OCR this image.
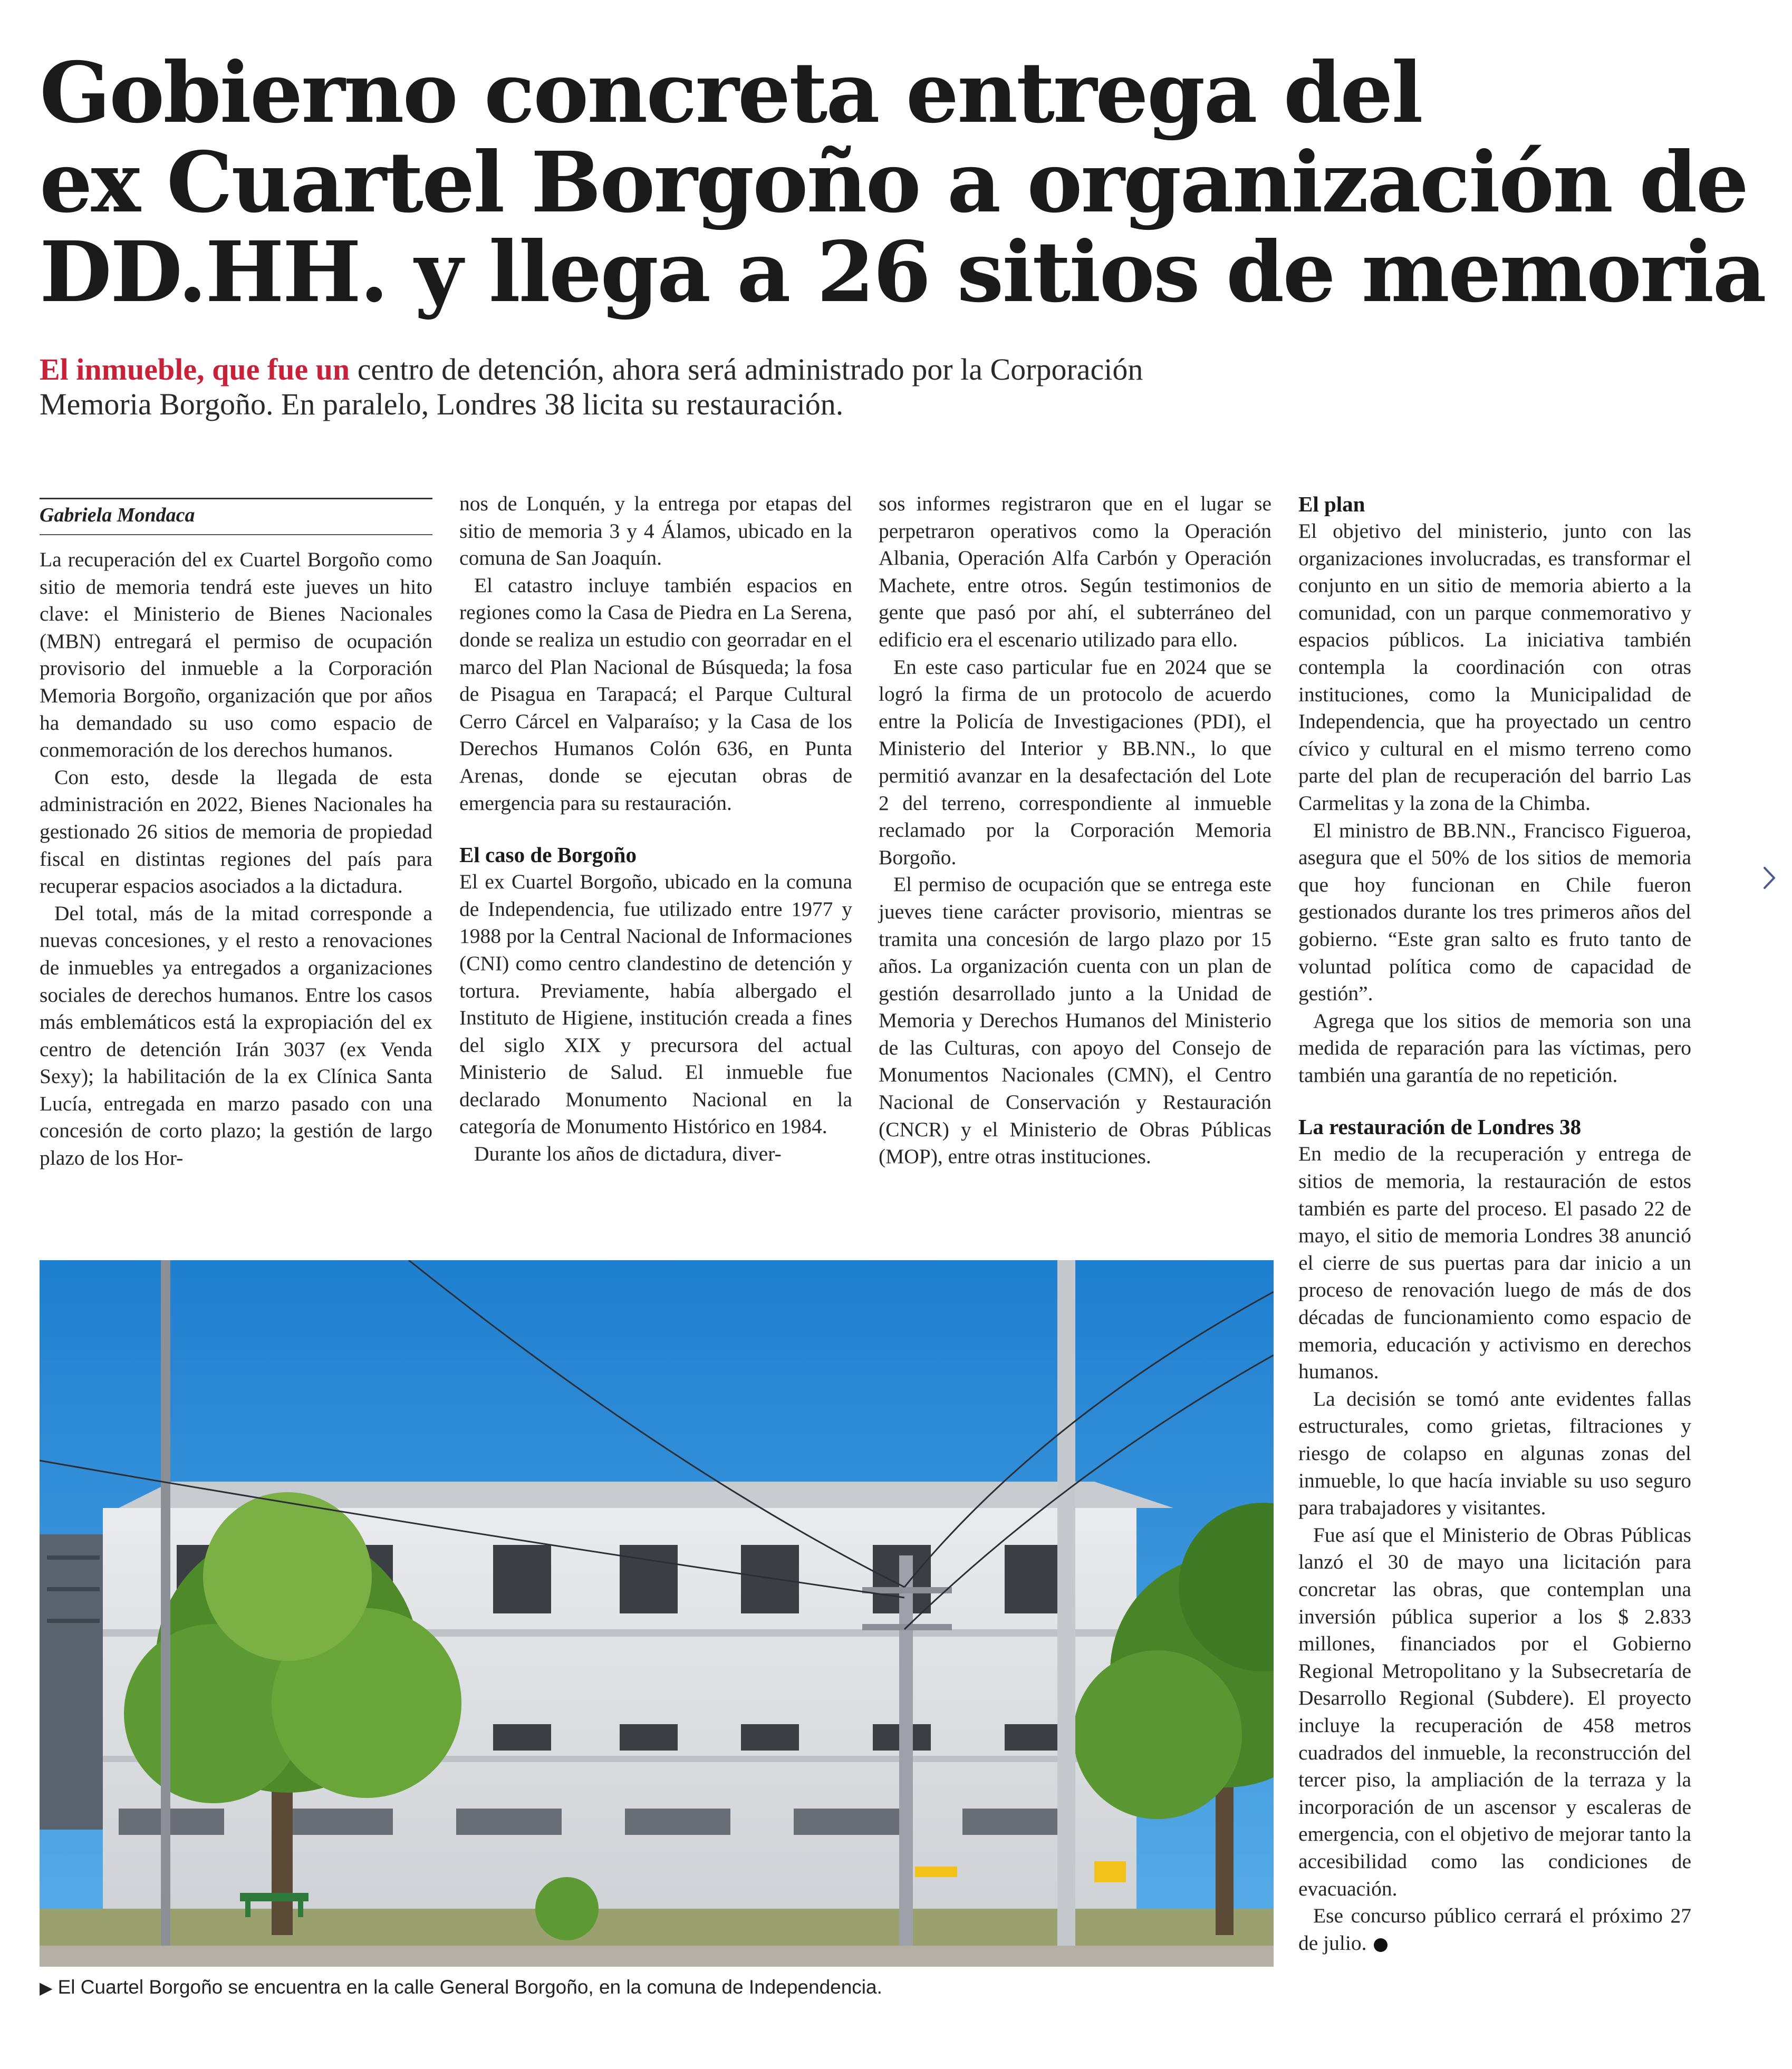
Gobierno concreta entrega del
ex Cuartel Borgoño a organización de
DD.HH. y llega a 26 sitios de memoria
El inmueble, que fue un centro de detención, ahora será administrado por la Corporación
Memoria Borgoño. En paralelo, Londres 38 licita su restauración.
Gabriela Mondaca

La recuperación del ex Cuartel Borgoño como sitio de memoria tendrá este jueves un hito clave: el Ministerio de Bienes Nacionales (MBN) entregará el permiso de ocupación provisorio del inmueble a la Corporación Memoria Borgoño, organización que por años ha demandado su uso como espacio de conmemoración de los derechos humanos.

Con esto, desde la llegada de esta administración en 2022, Bienes Nacionales ha gestionado 26 sitios de memoria de propiedad fiscal en distintas regiones del país para recuperar espacios asociados a la dictadura.

Del total, más de la mitad corresponde a nuevas concesiones, y el resto a renovaciones de inmuebles ya entregados a organizaciones sociales de derechos humanos. Entre los casos más emblemáticos está la expropiación del ex centro de detención Irán 3037 (ex Venda Sexy); la habilitación de la ex Clínica Santa Lucía, entregada en marzo pasado con una concesión de corto plazo; la gestión de largo plazo de los Hor-

nos de Lonquén, y la entrega por etapas del sitio de memoria 3 y 4 Álamos, ubicado en la comuna de San Joaquín.

El catastro incluye también espacios en regiones como la Casa de Piedra en La Serena, donde se realiza un estudio con georradar en el marco del Plan Nacional de Búsqueda; la fosa de Pisagua en Tarapacá; el Parque Cultural Cerro Cárcel en Valparaíso; y la Casa de los Derechos Humanos Colón 636, en Punta Arenas, donde se ejecutan obras de emergencia para su restauración.

El caso de Borgoño

El ex Cuartel Borgoño, ubicado en la comuna de Independencia, fue utilizado entre 1977 y 1988 por la Central Nacional de Informaciones (CNI) como centro clandestino de detención y tortura. Previamente, había albergado el Instituto de Higiene, institución creada a fines del siglo XIX y precursora del actual Ministerio de Salud. El inmueble fue declarado Monumento Nacional en la categoría de Monumento Histórico en 1984.

Durante los años de dictadura, diver-

sos informes registraron que en el lugar se perpetraron operativos como la Operación Albania, Operación Alfa Carbón y Operación Machete, entre otros. Según testimonios de gente que pasó por ahí, el subterráneo del edificio era el escenario utilizado para ello.

En este caso particular fue en 2024 que se logró la firma de un protocolo de acuerdo entre la Policía de Investigaciones (PDI), el Ministerio del Interior y BB.NN., lo que permitió avanzar en la desafectación del Lote 2 del terreno, correspondiente al inmueble reclamado por la Corporación Memoria Borgoño.

El permiso de ocupación que se entrega este jueves tiene carácter provisorio, mientras se tramita una concesión de largo plazo por 15 años. La organización cuenta con un plan de gestión desarrollado junto a la Unidad de Memoria y Derechos Humanos del Ministerio de las Culturas, con apoyo del Consejo de Monumentos Nacionales (CMN), el Centro Nacional de Conservación y Restauración (CNCR) y el Ministerio de Obras Públicas (MOP), entre otras instituciones.

El plan

El objetivo del ministerio, junto con las organizaciones involucradas, es transformar el conjunto en un sitio de memoria abierto a la comunidad, con un parque conmemorativo y espacios públicos. La iniciativa también contempla la coordinación con otras instituciones, como la Municipalidad de Independencia, que ha proyectado un centro cívico y cultural en el mismo terreno como parte del plan de recuperación del barrio Las Carmelitas y la zona de la Chimba.

El ministro de BB.NN., Francisco Figueroa, asegura que el 50% de los sitios de memoria que hoy funcionan en Chile fueron gestionados durante los tres primeros años del gobierno. “Este gran salto es fruto tanto de voluntad política como de capacidad de gestión”.

Agrega que los sitios de memoria son una medida de reparación para las víctimas, pero también una garantía de no repetición.

La restauración de Londres 38

En medio de la recuperación y entrega de sitios de memoria, la restauración de estos también es parte del proceso. El pasado 22 de mayo, el sitio de memoria Londres 38 anunció el cierre de sus puertas para dar inicio a un proceso de renovación luego de más de dos décadas de funcionamiento como espacio de memoria, educación y activismo en derechos humanos.

La decisión se tomó ante evidentes fallas estructurales, como grietas, filtraciones y riesgo de colapso en algunas zonas del inmueble, lo que hacía inviable su uso seguro para trabajadores y visitantes.

Fue así que el Ministerio de Obras Públicas lanzó el 30 de mayo una licitación para concretar las obras, que contemplan una inversión pública superior a los $ 2.833 millones, financiados por el Gobierno Regional Metropolitano y la Subsecretaría de Desarrollo Regional (Subdere). El proyecto incluye la recuperación de 458 metros cuadrados del inmueble, la reconstrucción del tercer piso, la ampliación de la terraza y la incorporación de un ascensor y escaleras de emergencia, con el objetivo de mejorar tanto la accesibilidad como las condiciones de evacuación.

Ese concurso público cerrará el próximo 27 de julio.

▶ El Cuartel Borgoño se encuentra en la calle General Borgoño, en la comuna de Independencia.
